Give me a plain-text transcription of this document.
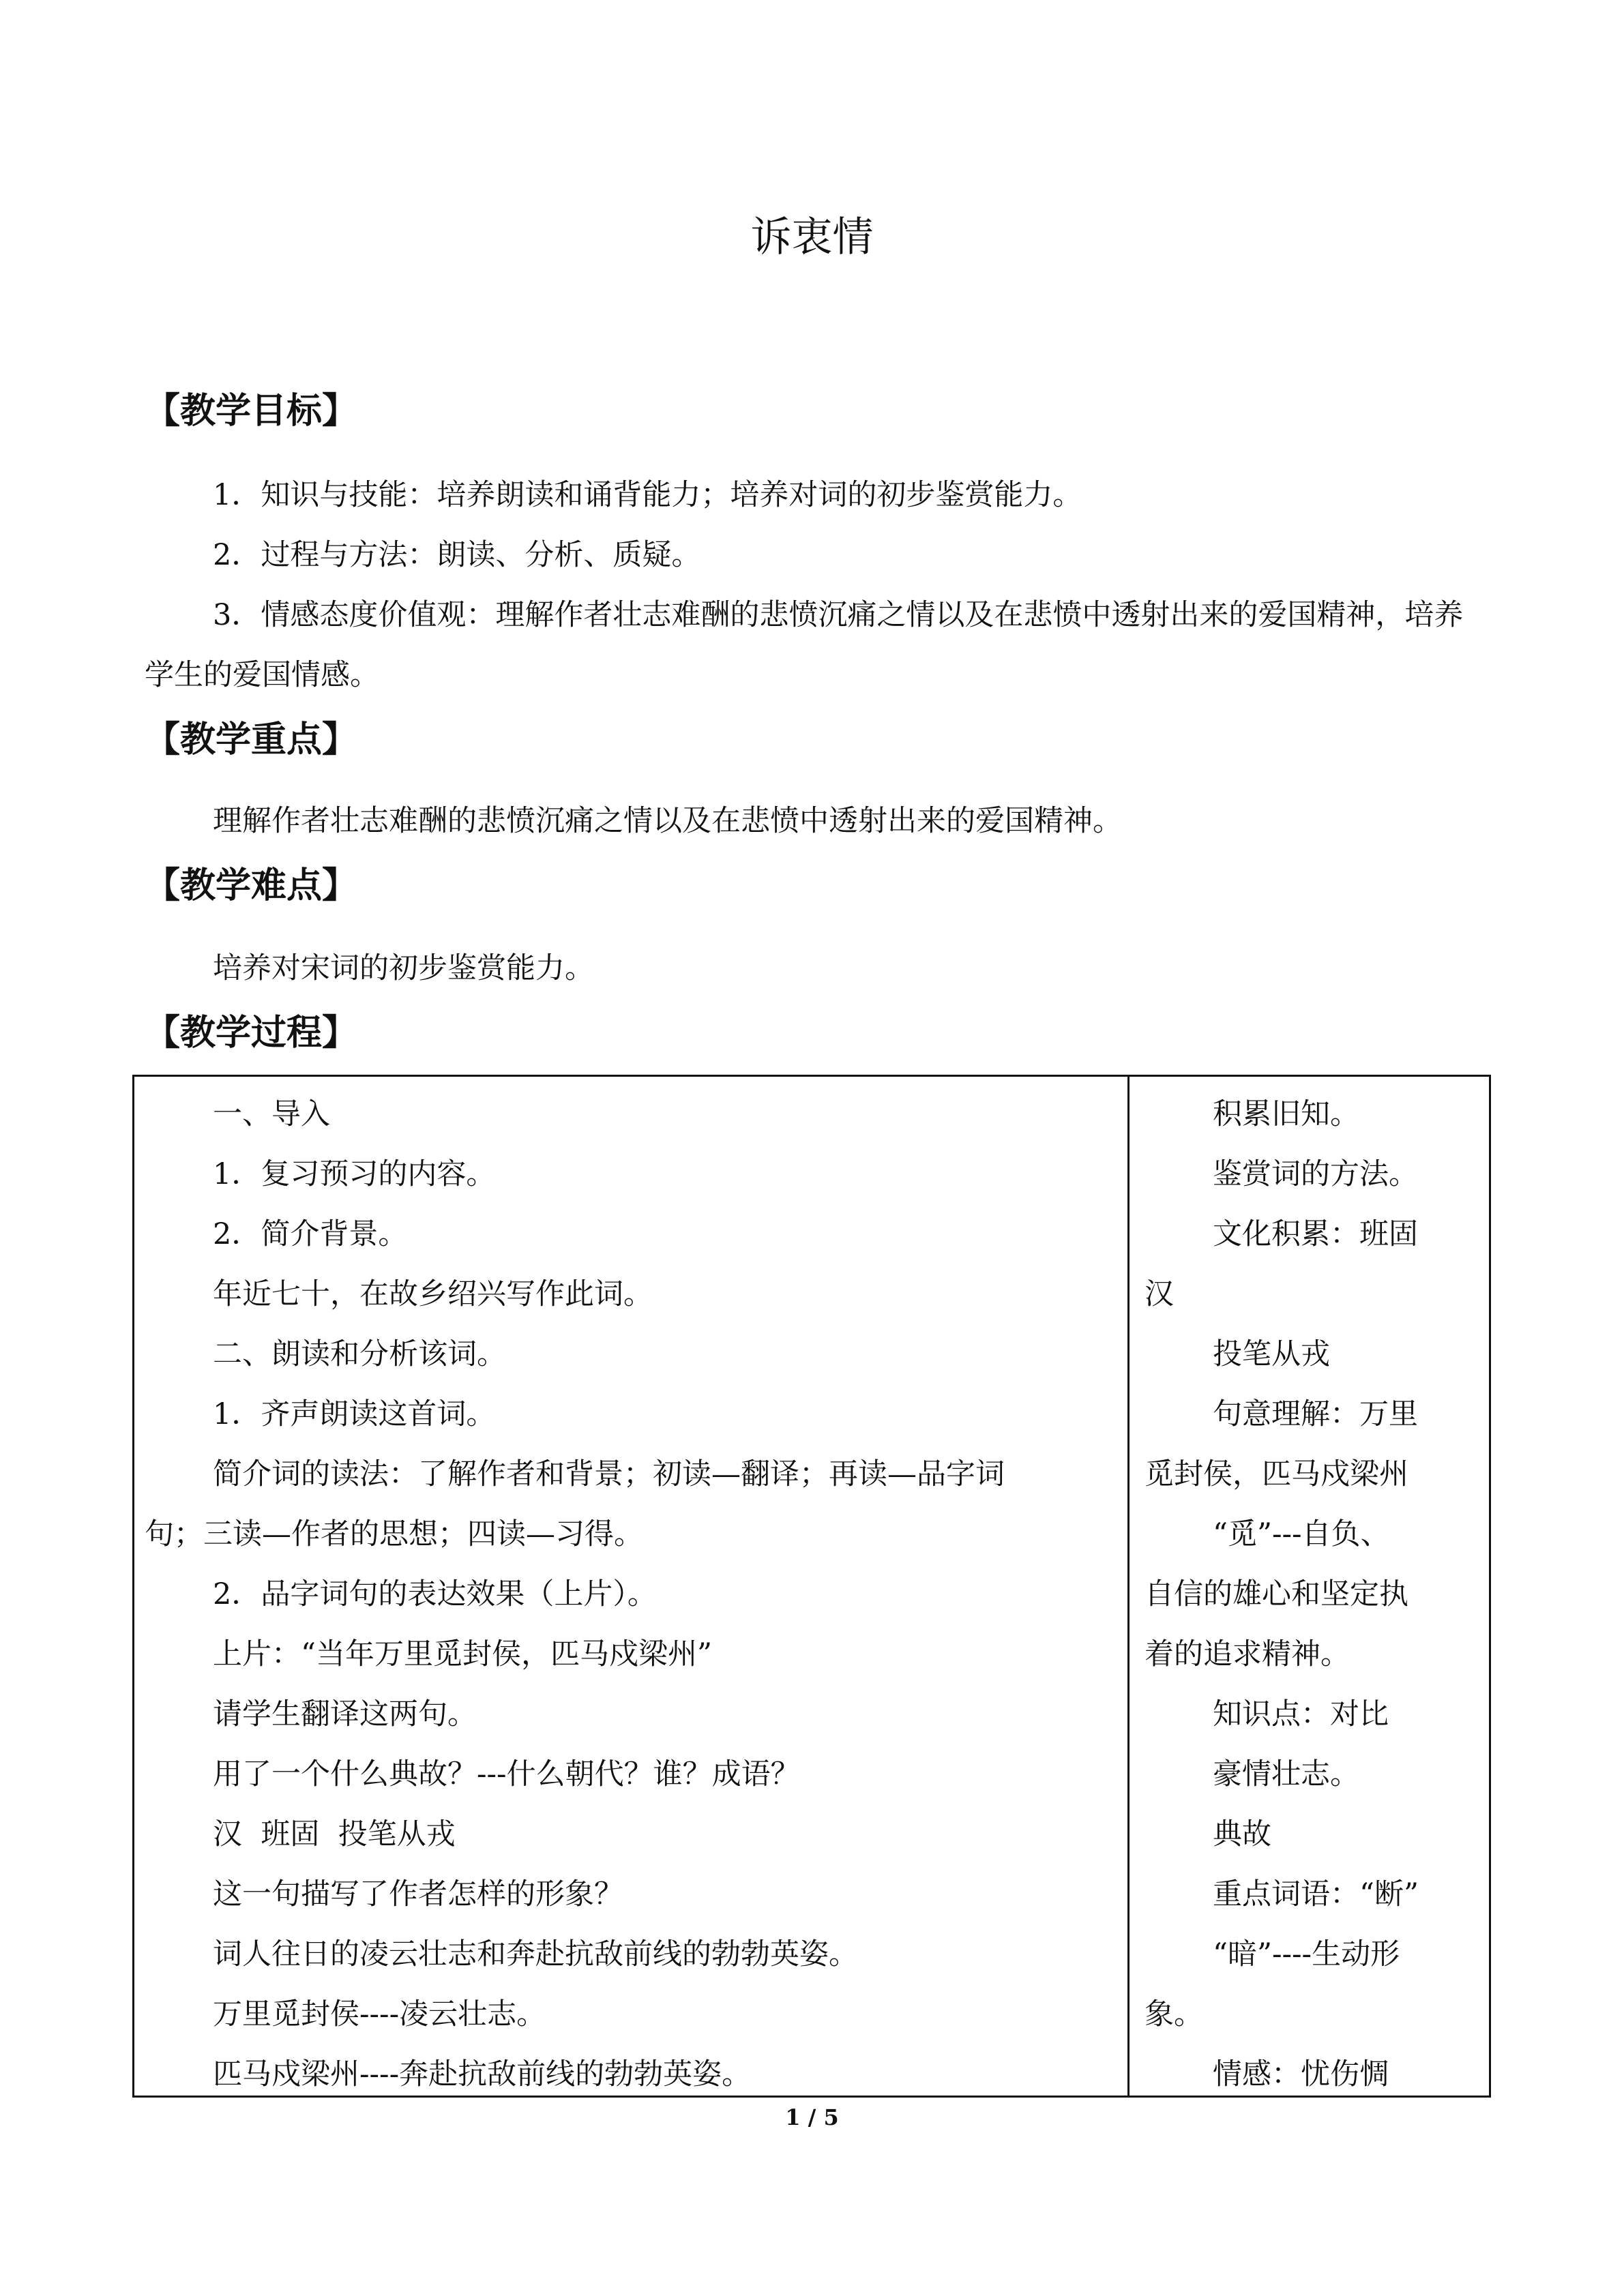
诉衷情
【教学目标】

1．知识与技能：培养朗读和诵背能力；培养对词的初步鉴赏能力。

2．过程与方法：朗读、分析、质疑。

3．情感态度价值观：理解作者壮志难酬的悲愤沉痛之情以及在悲愤中透射出来的爱国精神，培养学生的爱国情感。

【教学重点】
理解作者壮志难酬的悲愤沉痛之情以及在悲愤中透射出来的爱国精神。
【教学难点】
培养对宋词的初步鉴赏能力。
【教学过程】
一、导入
1．复习预习的内容。
2．简介背景。
年近七十，在故乡绍兴写作此词。
二、朗读和分析该词。
1．齐声朗读这首词。
简介词的读法：了解作者和背景；初读—翻译；再读—品字词
句；三读—作者的思想；四读—习得。
2．品字词句的表达效果（上片）。
上片：“当年万里觅封侯，匹马戍梁州”
请学生翻译这两句。
用了一个什么典故？---什么朝代？谁？成语？
汉  班固  投笔从戎
这一句描写了作者怎样的形象？
词人往日的凌云壮志和奔赴抗敌前线的勃勃英姿。
万里觅封侯----凌云壮志。
匹马戍梁州----奔赴抗敌前线的勃勃英姿。
积累旧知。
鉴赏词的方法。
文化积累：班固
汉
投笔从戎
句意理解：万里
觅封侯，匹马戍梁州
“觅”---自负、
自信的雄心和坚定执
着的追求精神。
知识点：对比
豪情壮志。
典故
重点词语：“断”
“暗”----生动形
象。
情感：忧伤惆
1 / 5
